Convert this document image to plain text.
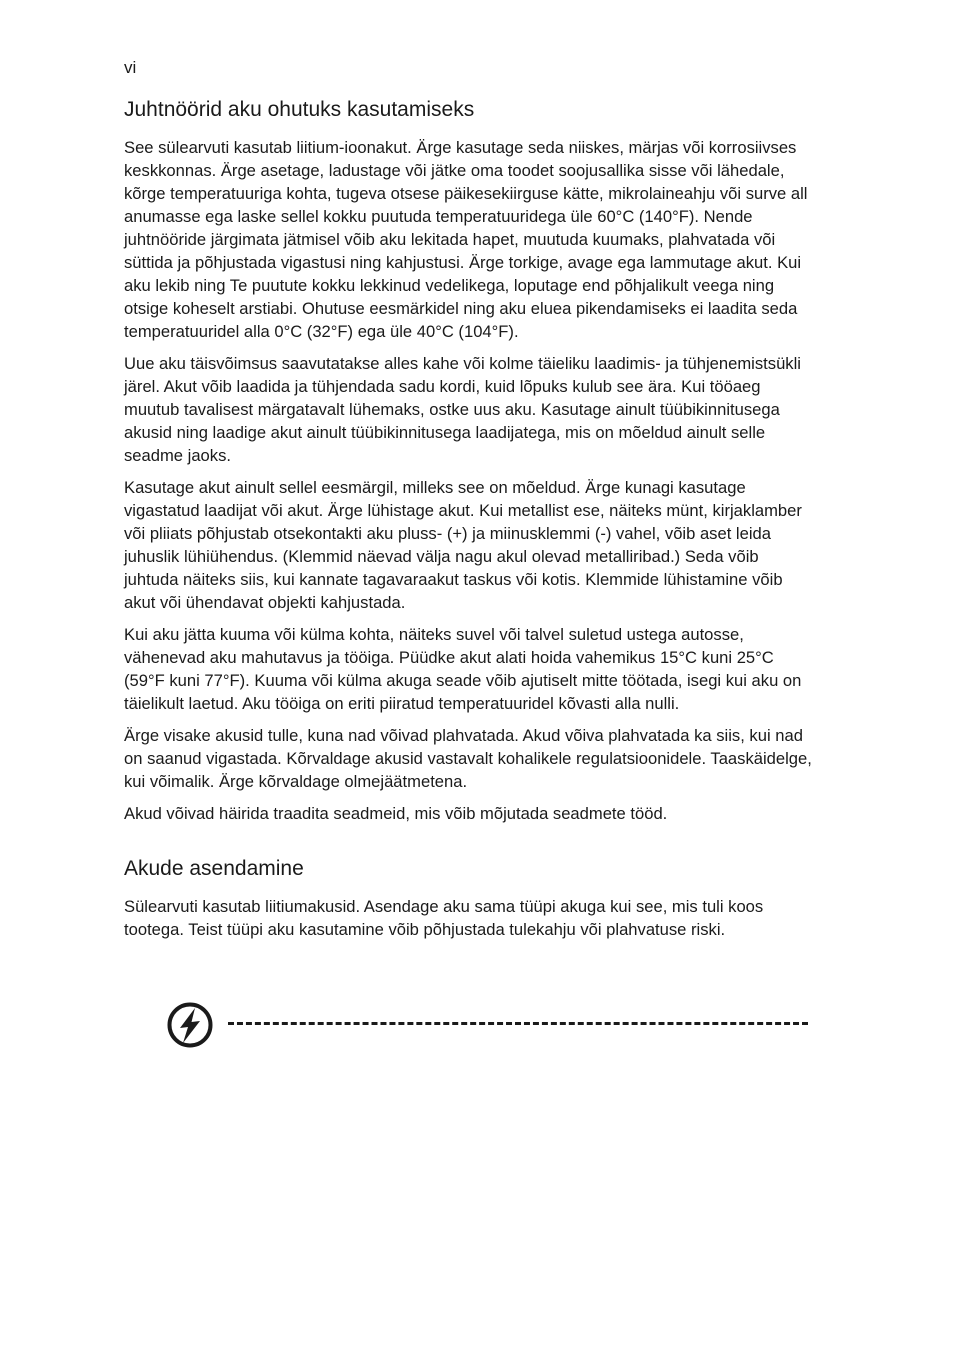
vi
Juhtnöörid aku ohutuks kasutamiseks

See sülearvuti kasutab liitium-ioonakut. Ärge kasutage seda niiskes, märjas või korrosiivses keskkonnas. Ärge asetage, ladustage või jätke oma toodet soojusallika sisse või lähedale, kõrge temperatuuriga kohta, tugeva otsese päikesekiirguse kätte, mikrolaineahju või surve all anumasse ega laske sellel kokku puutuda temperatuuridega üle 60°C (140°F). Nende juhtnööride järgimata jätmisel võib aku lekitada hapet, muutuda kuumaks, plahvatada või süttida ja põhjustada vigastusi ning kahjustusi. Ärge torkige, avage ega lammutage akut. Kui aku lekib ning Te puutute kokku lekkinud vedelikega, loputage end põhjalikult veega ning otsige koheselt arstiabi. Ohutuse eesmärkidel ning aku eluea pikendamiseks ei laadita seda temperatuuridel alla 0°C (32°F) ega üle 40°C (104°F).

Uue aku täisvõimsus saavutatakse alles kahe või kolme täieliku laadimis- ja tühjenemistsükli järel. Akut võib laadida ja tühjendada sadu kordi, kuid lõpuks kulub see ära. Kui tööaeg muutub tavalisest märgatavalt lühemaks, ostke uus aku. Kasutage ainult tüübikinnitusega akusid ning laadige akut ainult tüübikinnitusega laadijatega, mis on mõeldud ainult selle seadme jaoks.

Kasutage akut ainult sellel eesmärgil, milleks see on mõeldud. Ärge kunagi kasutage vigastatud laadijat või akut. Ärge lühistage akut. Kui metallist ese, näiteks münt, kirjaklamber või pliiats põhjustab otsekontakti aku pluss- (+) ja miinusklemmi (-) vahel, võib aset leida juhuslik lühiühendus. (Klemmid näevad välja nagu akul olevad metalliribad.) Seda võib juhtuda näiteks siis, kui kannate tagavaraakut taskus või kotis. Klemmide lühistamine võib akut või ühendavat objekti kahjustada.

Kui aku jätta kuuma või külma kohta, näiteks suvel või talvel suletud ustega autosse, vähenevad aku mahutavus ja tööiga. Püüdke akut alati hoida vahemikus 15°C kuni 25°C (59°F kuni 77°F). Kuuma või külma akuga seade võib ajutiselt mitte töötada, isegi kui aku on täielikult laetud. Aku tööiga on eriti piiratud temperatuuridel kõvasti alla nulli.

Ärge visake akusid tulle, kuna nad võivad plahvatada. Akud võiva plahvatada ka siis, kui nad on saanud vigastada. Kõrvaldage akusid vastavalt kohalikele regulatsioonidele. Taaskäidelge, kui võimalik. Ärge kõrvaldage olmejäätmetena.

Akud võivad häirida traadita seadmeid, mis võib mõjutada seadmete tööd.

Akude asendamine

Sülearvuti kasutab liitiumakusid. Asendage aku sama tüüpi akuga kui see, mis tuli koos tootega. Teist tüüpi aku kasutamine võib põhjustada tulekahju või plahvatuse riski.
